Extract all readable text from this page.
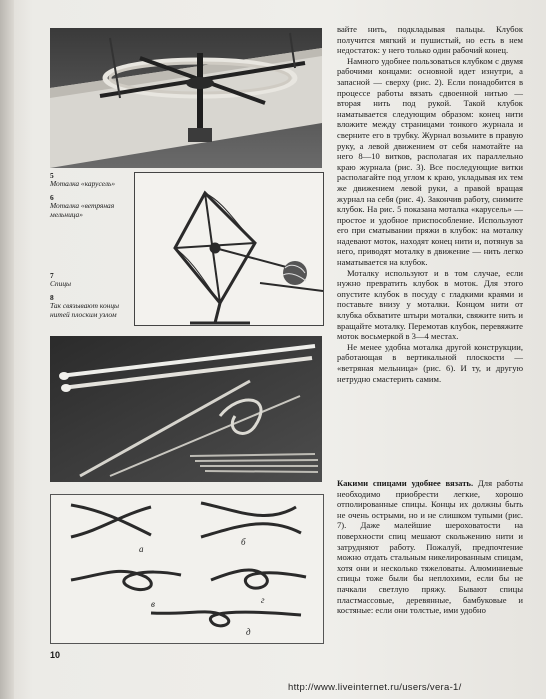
а
б
в	г
д
5
Моталка «карусель»
6
Моталка «ветряная мельница»
7
Спицы
8
Так связывают концы нитей плоским узлом

вайте нить, подкладывая пальцы. Клубок получится мягкий и пушистый, но есть в нем недостаток: у него только один рабочий конец.

Намного удобнее пользоваться клубком с двумя рабочими концами: основной идет изнутри, а запасной — сверху (рис. 2). Если понадобится в процессе работы вязать сдвоенной нитью — вторая нить под рукой. Такой клубок наматывается следующим образом: конец нити вложите между страницами тонкого журнала и сверните его в трубку. Журнал возьмите в правую руку, а левой движением от себя намотайте на него 8—10 витков, располагая их параллельно краю журнала (рис. 3). Все последующие витки располагайте под углом к краю, укладывая их тем же движением левой руки, а правой вращая журнал на себя (рис. 4). Закончив работу, снимите клубок. На рис. 5 показана моталка «карусель» — простое и удобное приспособление. Используют его при сматывании пряжи в клубок: на моталку надевают моток, находят конец нити и, потянув за него, приводят моталку в движение — нить легко наматывается на клубок.

Моталку используют и в том случае, если нужно превратить клубок в моток. Для этого опустите клубок в посуду с гладкими краями и поставьте внизу у моталки. Концом нити от клубка обхватите штыри моталки, свяжите нить и вращайте моталку. Перемотав клубок, перевяжите моток восьмеркой в 3—4 местах.

Не менее удобна моталка другой конструкции, работающая в вертикальной плоскости — «ветряная мельница» (рис. 6). И ту, и другую нетрудно смастерить самим.

Какими спицами удобнее вязать. Для работы необходимо приобрести легкие, хорошо отполированные спицы. Концы их должны быть не очень острыми, но и не слишком тупыми (рис. 7). Даже малейшие шероховатости на поверхности спиц мешают скольжению нити и затрудняют работу. Пожалуй, предпочтение можно отдать стальным никелированным спицам, хотя они и несколько тяжеловаты. Алюминиевые спицы тоже были бы неплохими, если бы не пачкали светлую пряжу. Бывают спицы пластмассовые, деревянные, бамбуковые и костяные: если они толстые, ими удобно

10
http://www.liveinternet.ru/users/vera-1/
